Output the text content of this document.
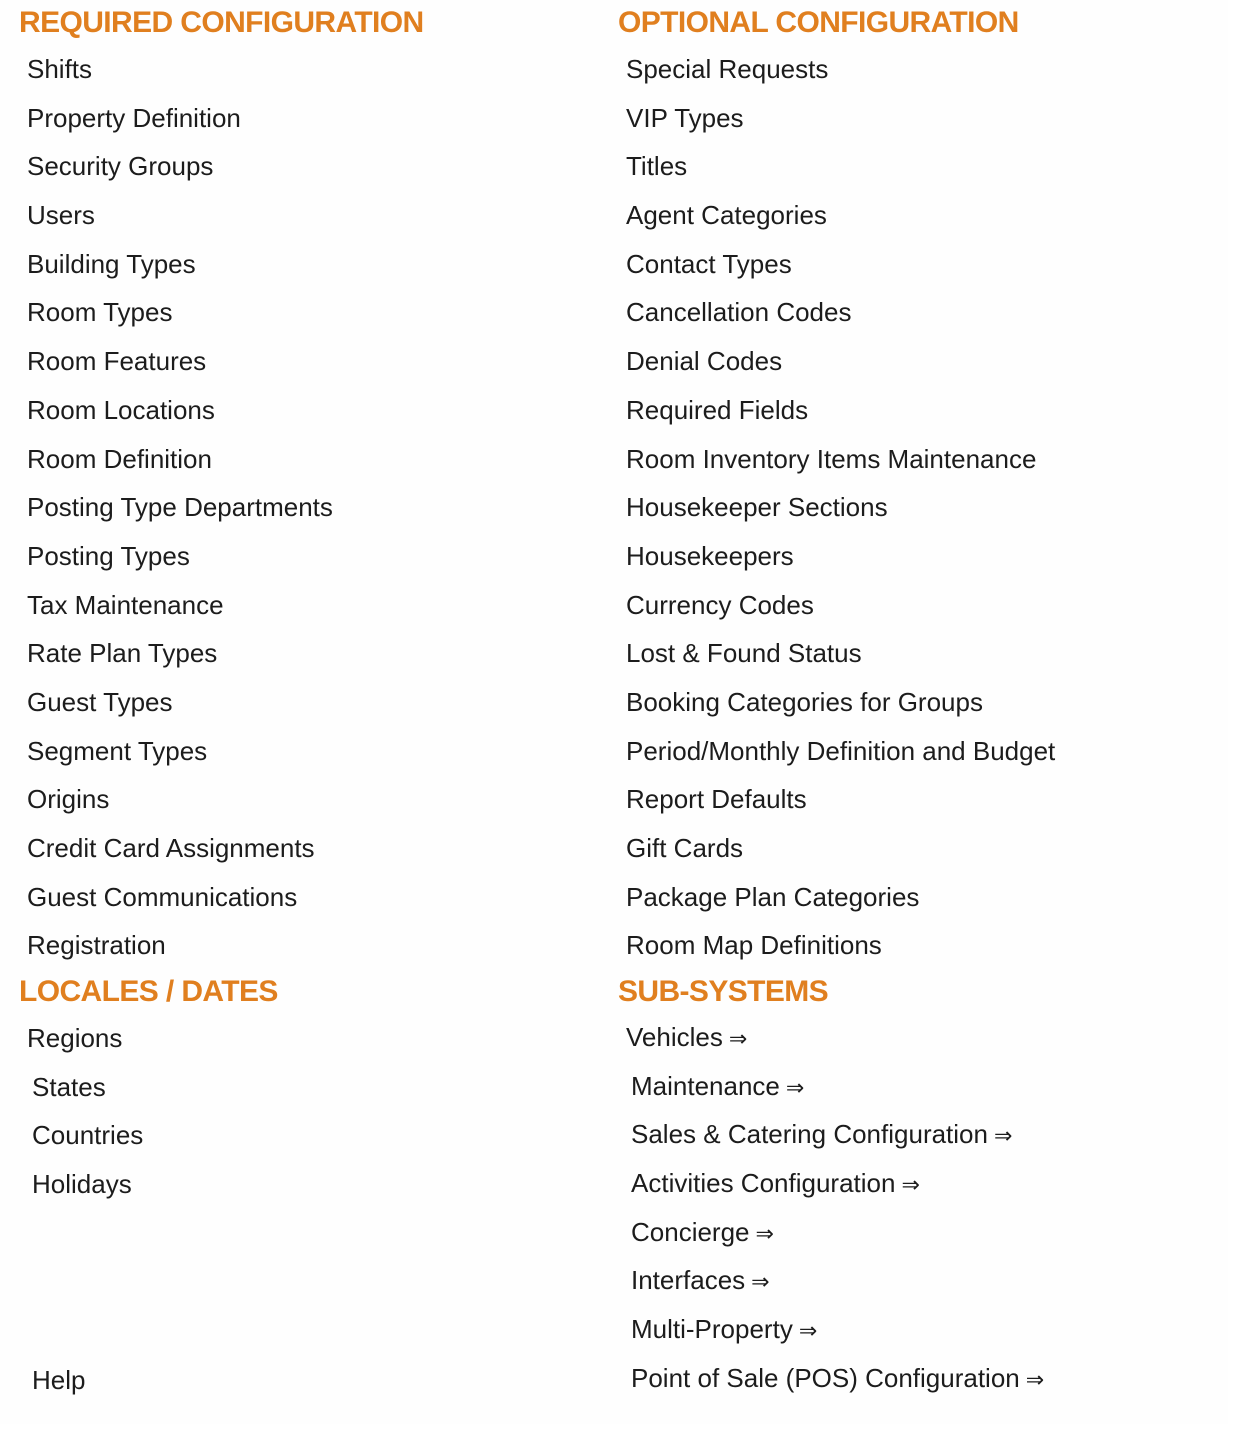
REQUIRED CONFIGURATION
Shifts
Property Definition
Security Groups
Users
Building Types
Room Types
Room Features
Room Locations
Room Definition
Posting Type Departments
Posting Types
Tax Maintenance
Rate Plan Types
Guest Types
Segment Types
Origins
Credit Card Assignments
Guest Communications
Registration
OPTIONAL CONFIGURATION
Special Requests
VIP Types
Titles
Agent Categories
Contact Types
Cancellation Codes
Denial Codes
Required Fields
Room Inventory Items Maintenance
Housekeeper Sections
Housekeepers
Currency Codes
Lost & Found Status
Booking Categories for Groups
Period/Monthly Definition and Budget
Report Defaults
Gift Cards
Package Plan Categories
Room Map Definitions
LOCALES / DATES
Regions
States
Countries
Holidays
SUB-SYSTEMS
Vehicles ⇒
Maintenance ⇒
Sales & Catering Configuration ⇒
Activities Configuration ⇒
Concierge ⇒
Interfaces ⇒
Multi-Property ⇒
Point of Sale (POS) Configuration ⇒
Help
